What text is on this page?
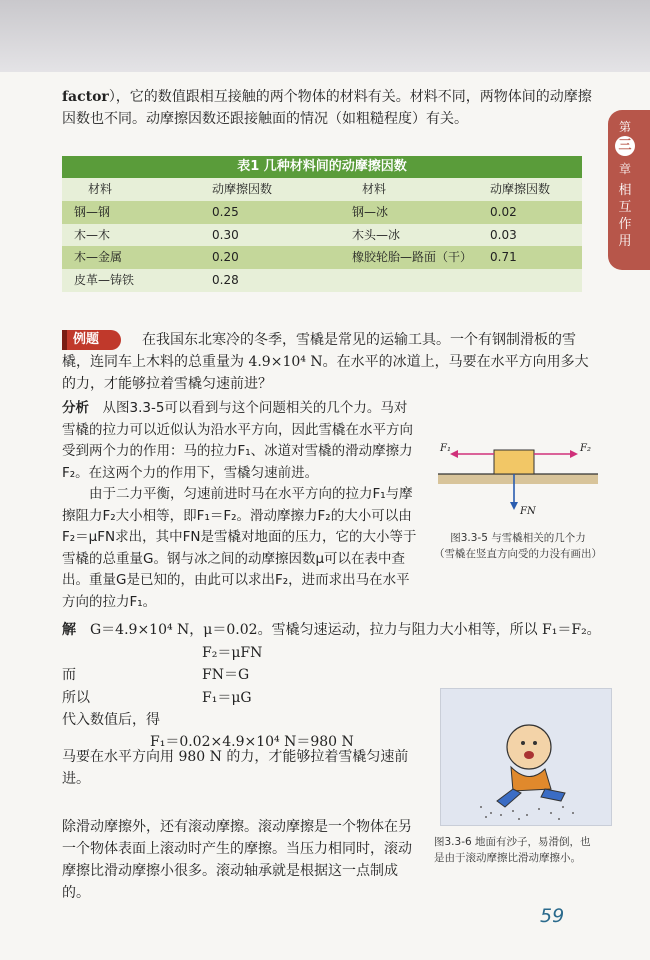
第
三
章
相互作用
factor），它的数值跟相互接触的两个物体的材料有关。材料不同，两物体间的动摩擦因数也不同。动摩擦因数还跟接触面的情况（如粗糙程度）有关。
表1 几种材料间的动摩擦因数
材料	动摩擦因数	材料	动摩擦因数
钢—钢	0.25	钢—冰	0.02
木—木	0.30	木头—冰	0.03
木—金属	0.20	橡胶轮胎—路面（干） 0.71
皮革—铸铁	0.28
例题	在我国东北寒冷的冬季，雪橇是常见的运输工具。一个有钢制滑板的雪橇，连同车上木料的总重量为 4.9×10⁴ N。在水平的冰道上，马要在水平方向用多大的力，才能够拉着雪橇匀速前进？
分析  从图3.3-5可以看到与这个问题相关的几个力。马对雪橇的拉力可以近似认为沿水平方向，因此雪橇在水平方向受到两个力的作用：马的拉力F₁、冰道对雪橇的滑动摩擦力F₂。在这两个力的作用下，雪橇匀速前进。
由于二力平衡，匀速前进时马在水平方向的拉力F₁与摩擦阻力F₂大小相等，即F₁＝F₂。滑动摩擦力F₂的大小可以由F₂＝μFN求出，其中FN是雪橇对地面的压力，它的大小等于雪橇的总重量G。钢与冰之间的动摩擦因数μ可以在表中查出。重量G是已知的，由此可以求出F₂，进而求出马在水平方向的拉力F₁。
F₁	F₂
FN
图3.3-5 与雪橇相关的几个力
（雪橇在竖直方向受的力没有画出）
解  G＝4.9×10⁴ N，μ＝0.02。雪橇匀速运动，拉力与阻力大小相等，所以 F₁＝F₂。
F₂＝μFN
而	FN＝G
所以	F₁＝μG
代入数值后，得
F₁＝0.02×4.9×10⁴ N＝980 N
马要在水平方向用 980 N 的力，才能够拉着雪橇匀速前进。
图3.3-6 地面有沙子，易滑倒，也
是由于滚动摩擦比滑动摩擦小。
除滑动摩擦外，还有滚动摩擦。滚动摩擦是一个物体在另一个物体表面上滚动时产生的摩擦。当压力相同时，滚动摩擦比滑动摩擦小很多。滚动轴承就是根据这一点制成的。
59
